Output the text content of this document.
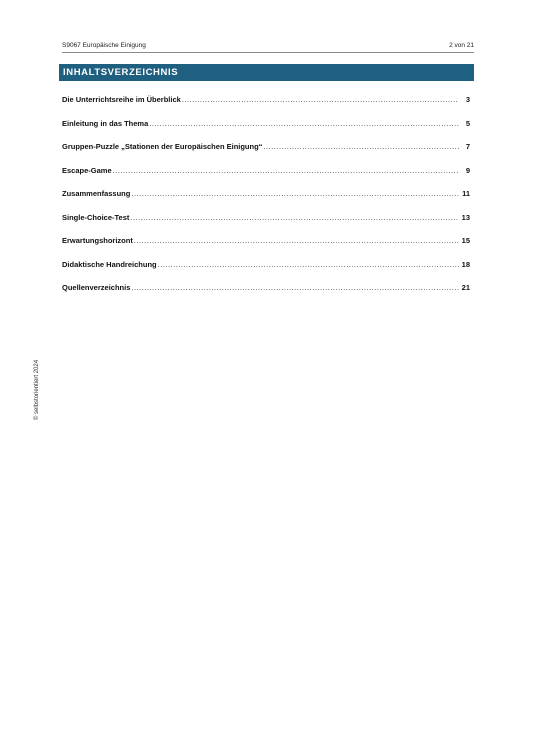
S9067 Europäische Einigung	2 von 21
INHALTSVERZEICHNIS
Die Unterrichtsreihe im Überblick .....	3
Einleitung in das Thema .....	5
Gruppen-Puzzle „Stationen der Europäischen Einigung“ .....	7
Escape-Game .....	9
Zusammenfassung .....	11
Single-Choice-Test .....	13
Erwartungshorizont .....	15
Didaktische Handreichung .....	18
Quellenverzeichnis .....	21
© selbstorientiert 2024
